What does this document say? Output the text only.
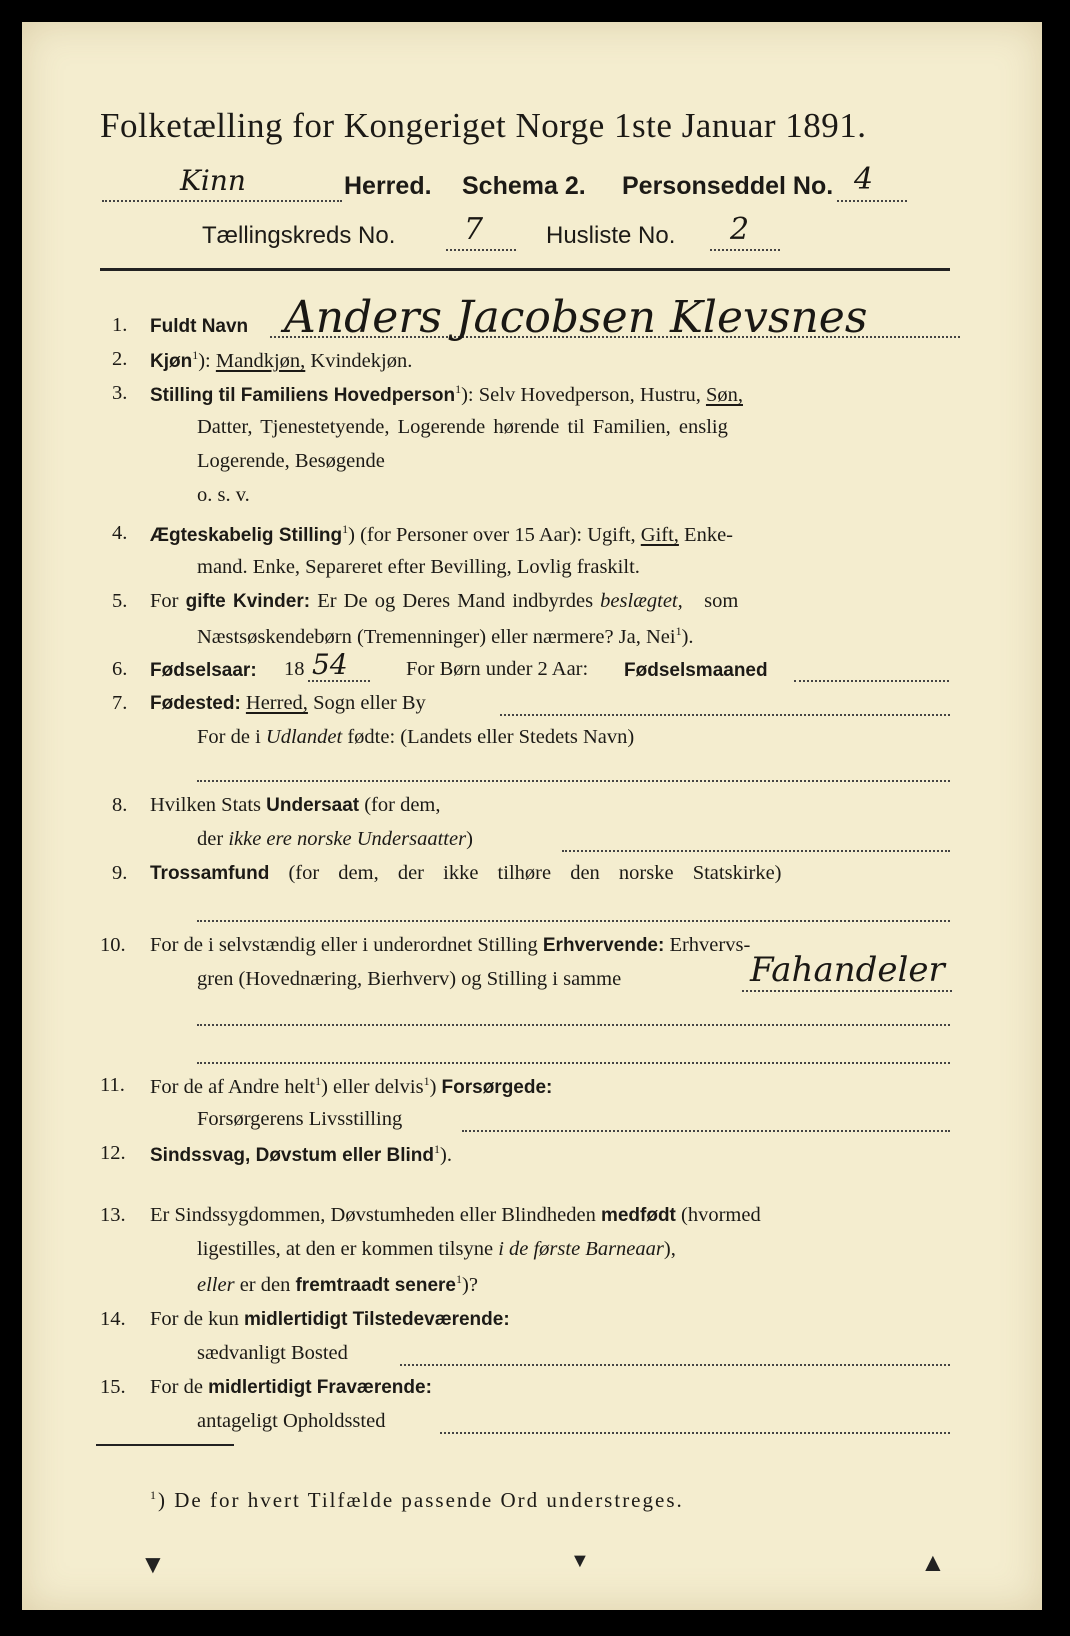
Folketælling for Kongeriget Norge 1ste Januar 1891.
Kinn	Herred. Schema 2. Personseddel No. 4
Tællingskreds No. 7	Husliste No. 2
1. Fuldt Navn Anders Jacobsen Klevsnes
2. Kjøn$^1$): Mandkjøn, Kvindekjøn.
3. Stilling til Familiens Hovedperson$^1$): Selv Hovedperson, Hustru, Søn,
Datter, Tjenestetyende, Logerende hørende til Familien, enslig
Logerende, Besøgende
o. s. v.
4. Ægteskabelig Stilling$^1$) (for Personer over 15 Aar): Ugift, Gift, Enke-
mand. Enke, Separeret efter Bevilling, Lovlig fraskilt.
5. For gifte Kvinder: Er De og Deres Mand indbyrdes beslægtet, som
Næstsøskendebørn (Tremenninger) eller nærmere? Ja, Nei$^1$).
6. Fødselsaar: 18 54	For Børn under 2 Aar: Fødselsmaaned
7. Fødested: Herred, Sogn eller By
For de i Udlandet fødte: (Landets eller Stedets Navn)
8. Hvilken Stats Undersaat (for dem,
der ikke ere norske Undersaatter)
9. Trossamfund (for dem, der ikke tilhøre den norske Statskirke)
10. For de i selvstændig eller i underordnet Stilling Erhvervende: Erhvervs-
gren (Hovednæring, Bierhverv) og Stilling i samme	Fahandeler
11. For de af Andre helt$^1$) eller delvis$^1$) Forsørgede:
Forsørgerens Livsstilling
12. Sindssvag, Døvstum eller Blind$^1$).
13. Er Sindssygdommen, Døvstumheden eller Blindheden medfødt (hvormed
ligestilles, at den er kommen tilsyne i de første Barneaar),
eller er den fremtraadt senere$^1$)?
14. For de kun midlertidigt Tilstedeværende:
sædvanligt Bosted
15. For de midlertidigt Fraværende:
antageligt Opholdssted
$^1$) De for hvert Tilfælde passende Ord understreges.
▼	▼	▲
